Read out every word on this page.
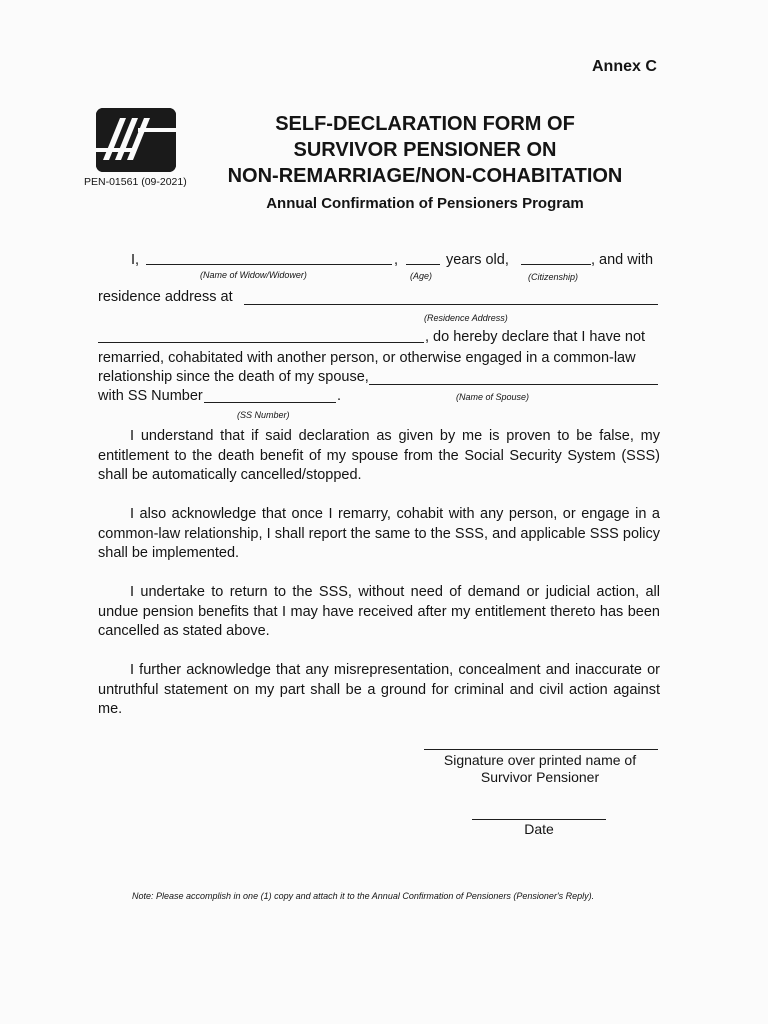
Annex C
PEN-01561 (09-2021)
SELF-DECLARATION FORM OF
SURVIVOR PENSIONER ON
NON-REMARRIAGE/NON-COHABITATION
Annual Confirmation of Pensioners Program
I,	,	years old,	, and with
(Name of Widow/Widower)	(Age)	(Citizenship)
residence address at
(Residence Address)
, do hereby declare that I have not
remarried, cohabitated with another person, or otherwise engaged in a common-law
relationship since the death of my spouse,
with SS Number	.	(Name of Spouse)
(SS Number)
I understand that if said declaration as given by me is proven to be false, my entitlement to the death benefit of my spouse from the Social Security System (SSS) shall be automatically cancelled/stopped.
I also acknowledge that once I remarry, cohabit with any person, or engage in a common-law relationship, I shall report the same to the SSS, and applicable SSS policy shall be implemented.
I undertake to return to the SSS, without need of demand or judicial action, all undue pension benefits that I may have received after my entitlement thereto has been cancelled as stated above.
I further acknowledge that any misrepresentation, concealment and inaccurate or untruthful statement on my part shall be a ground for criminal and civil action against me.
Signature over printed name of
Survivor Pensioner
Date
Note: Please accomplish in one (1) copy and attach it to the Annual Confirmation of Pensioners (Pensioner's Reply).
